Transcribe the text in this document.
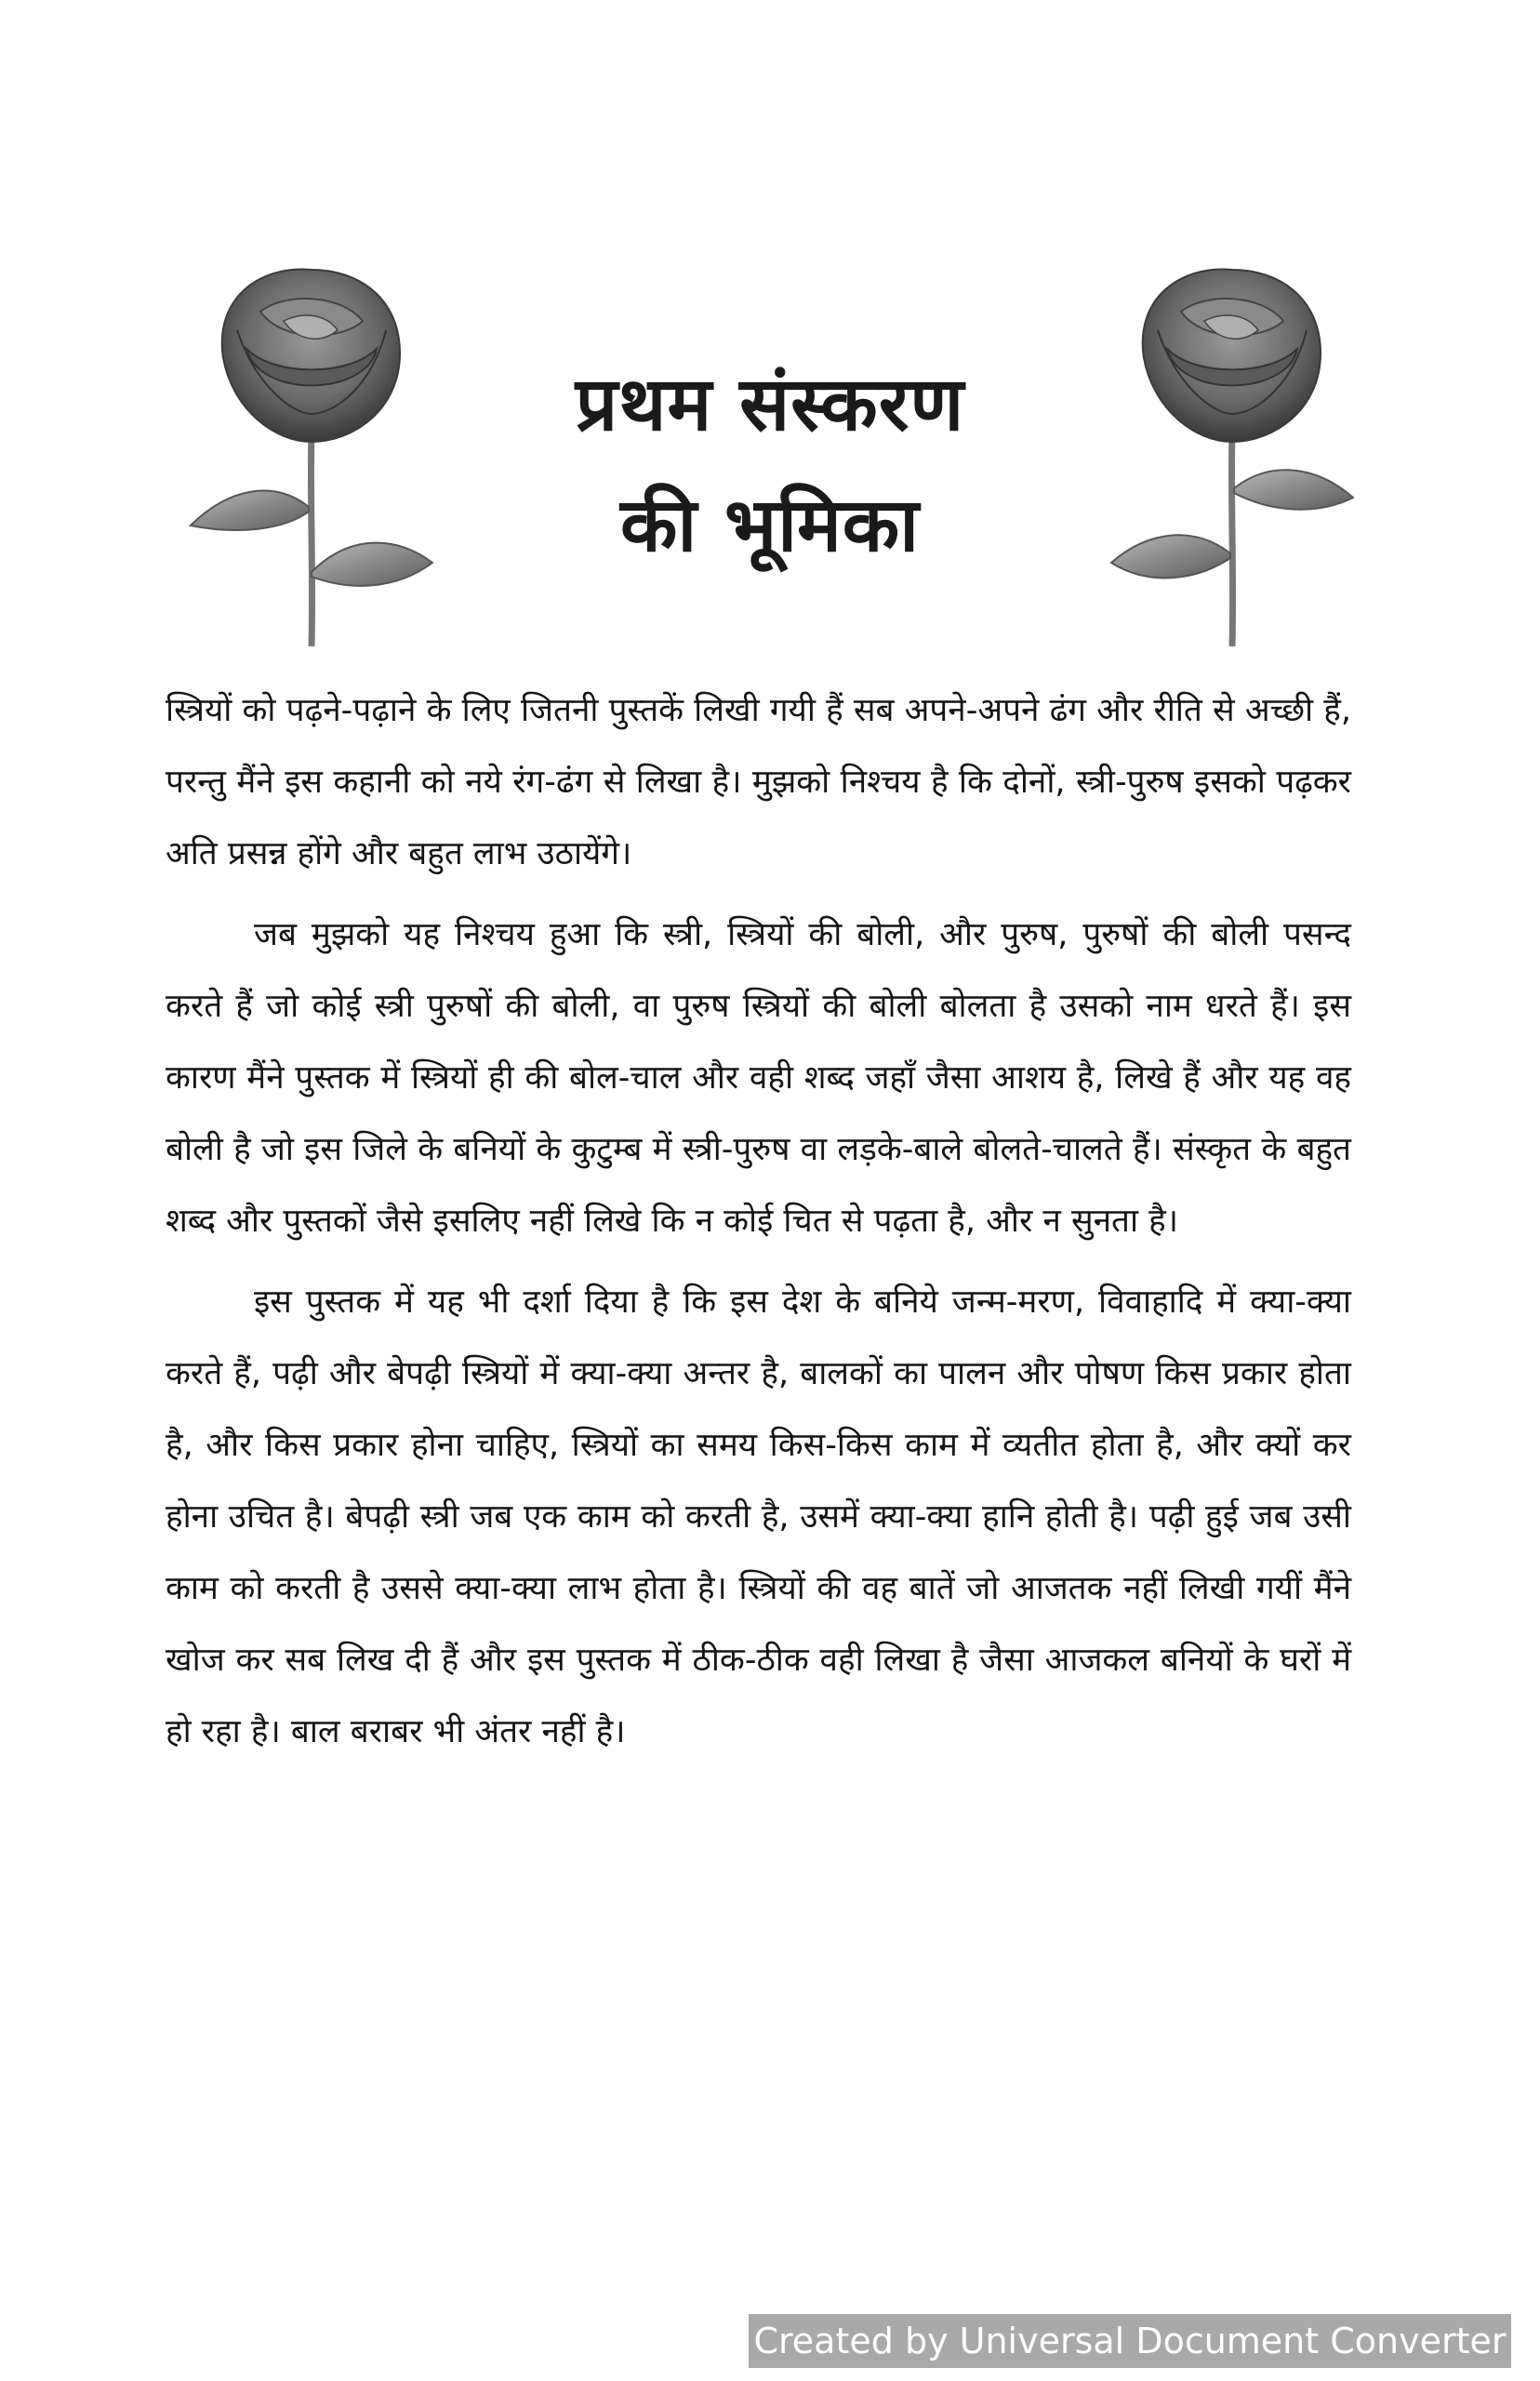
प्रथम संस्करण
की भूमिका

स्त्रियों को पढ़ने-पढ़ाने के लिए जितनी पुस्तकें लिखी गयी हैं सब अपने-अपने ढंग और रीति से अच्छी हैं, परन्तु मैंने इस कहानी को नये रंग-ढंग से लिखा है। मुझको निश्चय है कि दोनों, स्त्री-पुरुष इसको पढ़कर अति प्रसन्न होंगे और बहुत लाभ उठायेंगे।

जब मुझको यह निश्चय हुआ कि स्त्री, स्त्रियों की बोली, और पुरुष, पुरुषों की बोली पसन्द करते हैं जो कोई स्त्री पुरुषों की बोली, वा पुरुष स्त्रियों की बोली बोलता है उसको नाम धरते हैं। इस कारण मैंने पुस्तक में स्त्रियों ही की बोल-चाल और वही शब्द जहाँ जैसा आशय है, लिखे हैं और यह वह बोली है जो इस जिले के बनियों के कुटुम्ब में स्त्री-पुरुष वा लड़के-बाले बोलते-चालते हैं। संस्कृत के बहुत शब्द और पुस्तकों जैसे इसलिए नहीं लिखे कि न कोई चित से पढ़ता है, और न सुनता है।

इस पुस्तक में यह भी दर्शा दिया है कि इस देश के बनिये जन्म-मरण, विवाहादि में क्या-क्या करते हैं, पढ़ी और बेपढ़ी स्त्रियों में क्या-क्या अन्तर है, बालकों का पालन और पोषण किस प्रकार होता है, और किस प्रकार होना चाहिए, स्त्रियों का समय किस-किस काम में व्यतीत होता है, और क्यों कर होना उचित है। बेपढ़ी स्त्री जब एक काम को करती है, उसमें क्या-क्या हानि होती है। पढ़ी हुई जब उसी काम को करती है उससे क्या-क्या लाभ होता है। स्त्रियों की वह बातें जो आजतक नहीं लिखी गयीं मैंने खोज कर सब लिख दी हैं और इस पुस्तक में ठीक-ठीक वही लिखा है जैसा आजकल बनियों के घरों में हो रहा है। बाल बराबर भी अंतर नहीं है।

Created by Universal Document Converter
